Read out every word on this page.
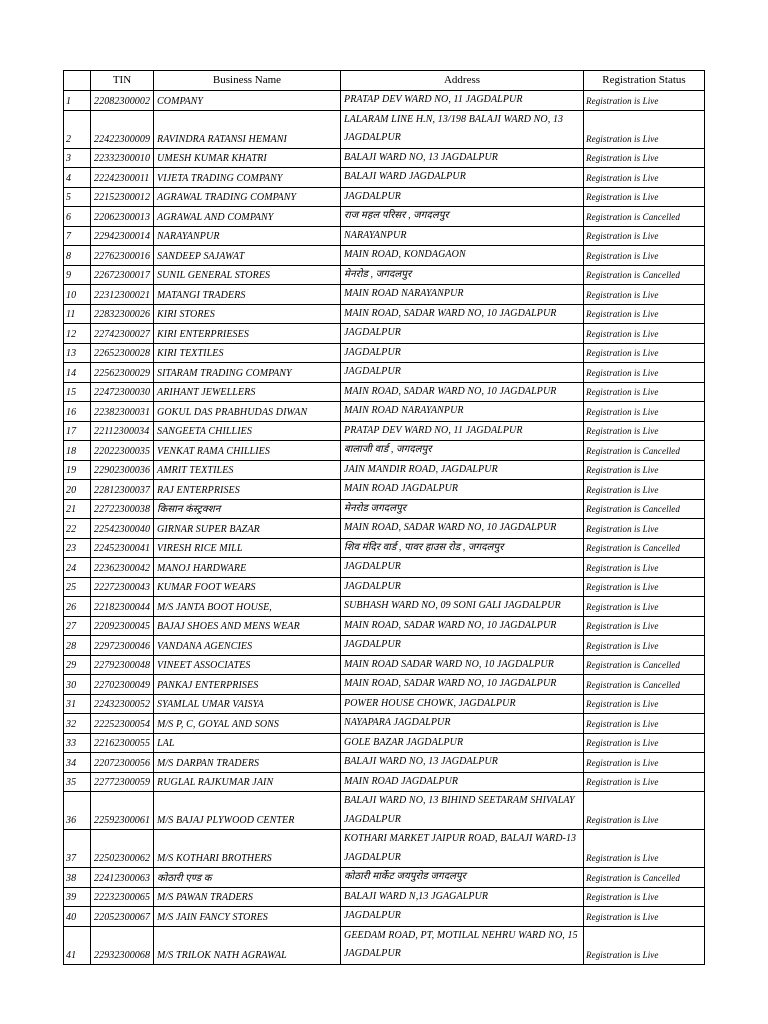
	TIN	Business Name	Address	Registration Status
1	22082300002	COMPANY	PRATAP DEV WARD NO, 11 JAGDALPUR	Registration is Live
2	22422300009	RAVINDRA RATANSI HEMANI	LALARAM LINE H.N, 13/198 BALAJI WARD NO, 13 JAGDALPUR	Registration is Live
3	22332300010	UMESH KUMAR KHATRI	BALAJI WARD NO, 13 JAGDALPUR	Registration is Live
4	22242300011	VIJETA TRADING COMPANY	BALAJI WARD JAGDALPUR	Registration is Live
5	22152300012	AGRAWAL TRADING COMPANY	JAGDALPUR	Registration is Live
6	22062300013	AGRAWAL AND COMPANY	राज महल परिसर , जगदलपुर	Registration is Cancelled
7	22942300014	NARAYANPUR	NARAYANPUR	Registration is Live
8	22762300016	SANDEEP SAJAWAT	MAIN ROAD, KONDAGAON	Registration is Live
9	22672300017	SUNIL GENERAL STORES	मेनरोड , जगदलपुर	Registration is Cancelled
10	22312300021	MATANGI TRADERS	MAIN ROAD NARAYANPUR	Registration is Live
11	22832300026	KIRI STORES	MAIN ROAD, SADAR WARD NO, 10 JAGDALPUR	Registration is Live
12	22742300027	KIRI ENTERPRIESES	JAGDALPUR	Registration is Live
13	22652300028	KIRI TEXTILES	JAGDALPUR	Registration is Live
14	22562300029	SITARAM TRADING COMPANY	JAGDALPUR	Registration is Live
15	22472300030	ARIHANT JEWELLERS	MAIN ROAD, SADAR WARD NO, 10 JAGDALPUR	Registration is Live
16	22382300031	GOKUL DAS PRABHUDAS DIWAN	MAIN ROAD NARAYANPUR	Registration is Live
17	22112300034	SANGEETA CHILLIES	PRATAP DEV WARD NO, 11 JAGDALPUR	Registration is Live
18	22022300035	VENKAT RAMA CHILLIES	बालाजी वार्ड , जगदलपुर	Registration is Cancelled
19	22902300036	AMRIT TEXTILES	JAIN MANDIR ROAD, JAGDALPUR	Registration is Live
20	22812300037	RAJ ENTERPRISES	MAIN ROAD JAGDALPUR	Registration is Live
21	22722300038	किसान कंस्ट्रक्शन	मेनरोड जगदलपुर	Registration is Cancelled
22	22542300040	GIRNAR SUPER BAZAR	MAIN ROAD, SADAR WARD NO, 10 JAGDALPUR	Registration is Live
23	22452300041	VIRESH RICE MILL	शिव मंदिर वार्ड , पावर हाउस रोड , जगदलपुर	Registration is Cancelled
24	22362300042	MANOJ HARDWARE	JAGDALPUR	Registration is Live
25	22272300043	KUMAR FOOT WEARS	JAGDALPUR	Registration is Live
26	22182300044	M/S JANTA BOOT HOUSE,	SUBHASH WARD NO, 09 SONI GALI JAGDALPUR	Registration is Live
27	22092300045	BAJAJ SHOES AND MENS WEAR	MAIN ROAD, SADAR WARD NO, 10 JAGDALPUR	Registration is Live
28	22972300046	VANDANA AGENCIES	JAGDALPUR	Registration is Live
29	22792300048	VINEET ASSOCIATES	MAIN ROAD SADAR WARD NO, 10 JAGDALPUR	Registration is Cancelled
30	22702300049	PANKAJ ENTERPRISES	MAIN ROAD, SADAR WARD NO, 10 JAGDALPUR	Registration is Cancelled
31	22432300052	SYAMLAL UMAR VAISYA	POWER HOUSE CHOWK, JAGDALPUR	Registration is Live
32	22252300054	M/S P, C, GOYAL AND SONS	NAYAPARA JAGDALPUR	Registration is Live
33	22162300055	LAL	GOLE BAZAR JAGDALPUR	Registration is Live
34	22072300056	M/S DARPAN TRADERS	BALAJI WARD NO, 13 JAGDALPUR	Registration is Live
35	22772300059	RUGLAL RAJKUMAR JAIN	MAIN ROAD JAGDALPUR	Registration is Live
36	22592300061	M/S BAJAJ PLYWOOD CENTER	BALAJI WARD NO, 13 BIHIND SEETARAM SHIVALAY JAGDALPUR	Registration is Live
37	22502300062	M/S KOTHARI BROTHERS	KOTHARI MARKET JAIPUR ROAD, BALAJI WARD-13 JAGDALPUR	Registration is Live
38	22412300063	कोठारी एण्ड क	कोठारी मार्केट जयपुरोड जगदलपुर	Registration is Cancelled
39	22232300065	M/S PAWAN TRADERS	BALAJI WARD N,13 JGAGALPUR	Registration is Live
40	22052300067	M/S JAIN FANCY STORES	JAGDALPUR	Registration is Live
41	22932300068	M/S TRILOK NATH AGRAWAL	GEEDAM ROAD, PT, MOTILAL NEHRU WARD NO, 15 JAGDALPUR	Registration is Live
